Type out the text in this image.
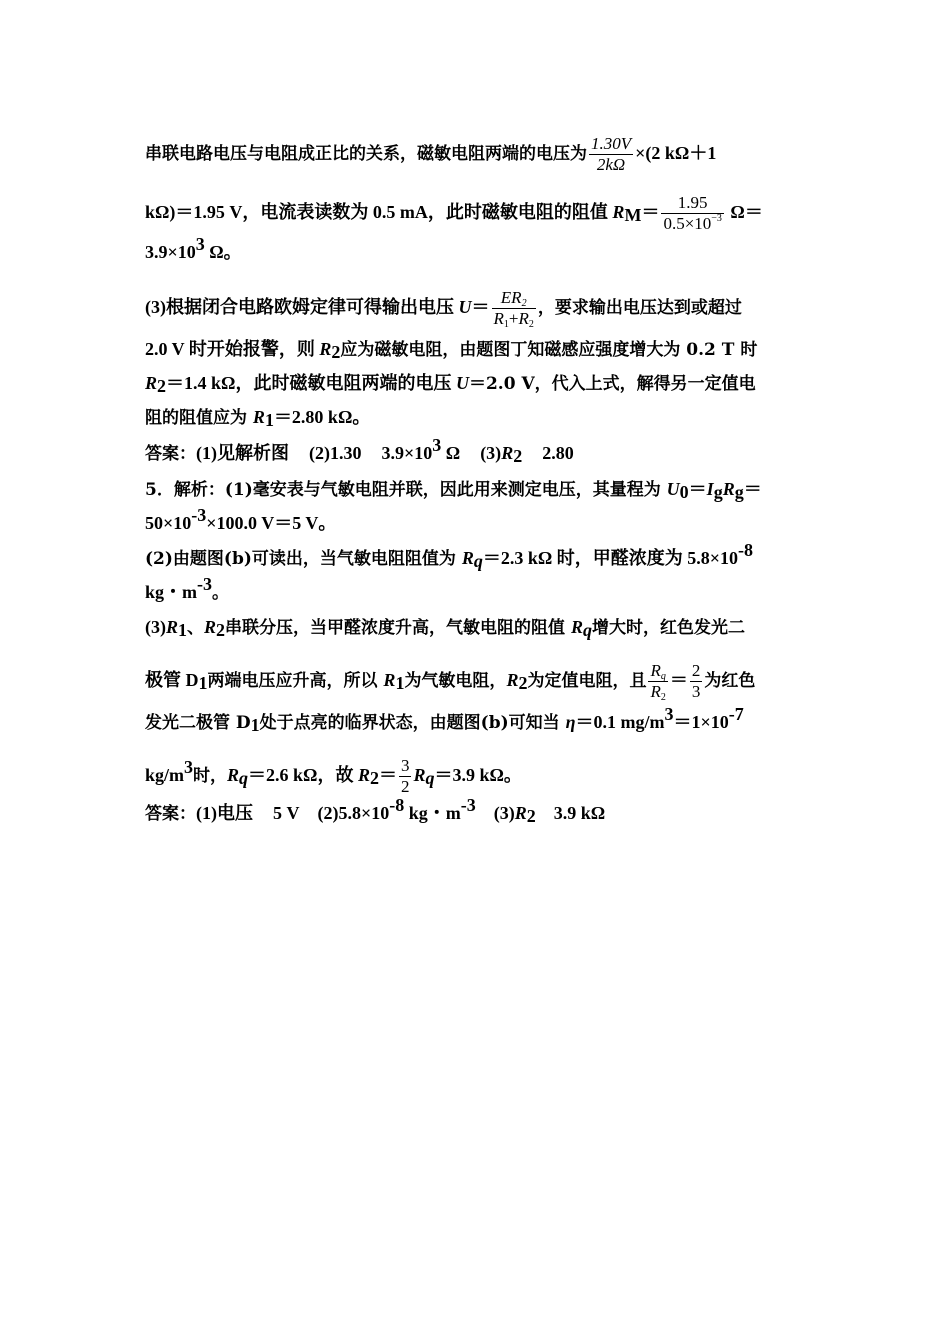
串联电路电压与电阻成正比的关系，磁敏电阻两端的电压为 $\frac{1.30V}{2k\Omega} \times(2$ kΩ＋1
kΩ)＝1.95 V，电流表读数为 0.5 mA，此时磁敏电阻的阻值 $R_M= \frac{1.95}{0.5\times 10^{-3}} \Omega=$
$3.9\times 10^3$ Ω。
(3)根据闭合电路欧姆定律可得输出电压 $U= \frac{ER_2}{R_1+R_2}$ ，要求输出电压达到或超过
2.0 V 时开始报警，则 $R_2$应为磁敏电阻，由题图丁知磁感应强度增大为 0.2 T 时
$R_2=1.4$ kΩ，此时磁敏电阻两端的电压 U＝2.0 V，代入上式，解得另一定值电
阻的阻值应为 $R_1=2.80$ kΩ。
答案：(1)见解析图 (2)1.30 $3.9\times 10^3$ Ω $(3)R_2$ 2.80
5．解析：(1)毫安表与气敏电阻并联，因此用来测定电压，其量程为 $U_0=I_gR_g=$
$50\times 10^{-3}\times 100.0$ V＝5 V。
(2)由题图(b)可读出，当气敏电阻阻值为 $R_q=2.3$ kΩ 时，甲醛浓度为 $5.8\times 10^{-8}$
kg・$m^{-3}$。
$(3)R_1$、$R_2$串联分压，当甲醛浓度升高，气敏电阻的阻值 $R_q$增大时，红色发光二
极管 $D_1$两端电压应升高，所以 $R_1$为气敏电阻，$R_2$为定值电阻，且 $\frac{R_q}{R_2} = \frac{2}{3}$ 为红色
发光二极管 $D_1$处于点亮的临界状态，由题图(b)可知当 η＝0.1 $mg/m^3=1\times 10^{-7}$
$kg/m^3$时，$R_q=2.6$ kΩ，故 $R_2= \frac{3}{2} R_q=3.9$ kΩ。
答案：(1)电压 5 V $(2)5.8\times 10^{-8}$ kg・$m^{-3}$ $(3)R_2$ 3.9 kΩ
